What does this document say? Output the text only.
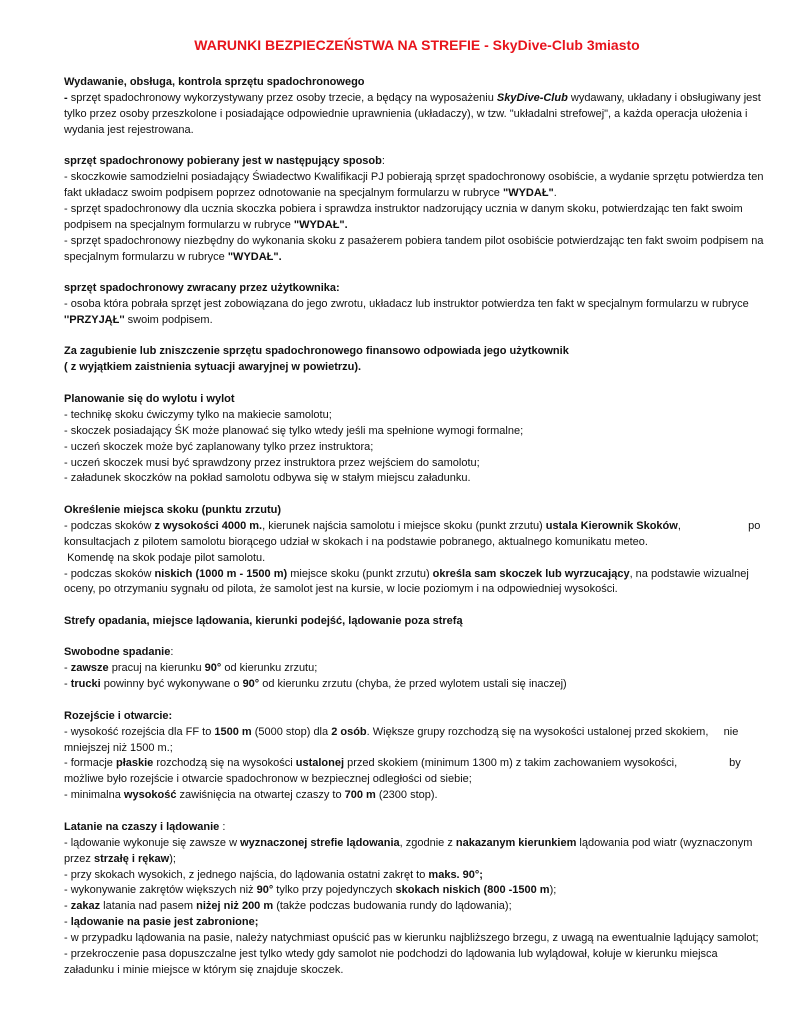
WARUNKI BEZPIECZEŃSTWA NA STREFIE - SkyDive-Club 3miasto
Wydawanie, obsługa, kontrola sprzętu spadochronowego
- sprzęt spadochronowy wykorzystywany przez osoby trzecie, a będący na wyposażeniu SkyDive-Club wydawany, układany i obsługiwany jest tylko przez osoby przeszkolone i posiadające odpowiednie uprawnienia (układaczy), w tzw. "układalni strefowej", a każda operacja ułożenia i wydania jest rejestrowana.
sprzęt spadochronowy pobierany jest w następujący sposob:
- skoczkowie samodzielni posiadający Świadectwo Kwalifikacji PJ pobierają sprzęt spadochronowy osobiście, a wydanie sprzętu potwierdza ten fakt układacz swoim podpisem poprzez odnotowanie na specjalnym formularzu w rubryce "WYDAŁ".
- sprzęt spadochronowy dla ucznia skoczka pobiera i sprawdza instruktor nadzorujący ucznia w danym skoku, potwierdzając ten fakt swoim podpisem na specjalnym formularzu w rubryce "WYDAŁ".
- sprzęt spadochronowy niezbędny do wykonania skoku z pasażerem pobiera tandem pilot osobiście potwierdzając ten fakt swoim podpisem na specjalnym formularzu w rubryce "WYDAŁ".
sprzęt spadochronowy zwracany przez użytkownika:
- osoba która pobrała sprzęt jest zobowiązana do jego zwrotu, układacz lub instruktor potwierdza ten fakt w specjalnym formularzu w rubryce ''PRZYJĄŁ'' swoim podpisem.
Za zagubienie lub zniszczenie sprzętu spadochronowego finansowo odpowiada jego użytkownik
( z wyjątkiem zaistnienia sytuacji awaryjnej w powietrzu).
Planowanie się do wylotu i wylot
- technikę skoku ćwiczymy tylko na makiecie samolotu;
- skoczek posiadający ŚK może planować się tylko wtedy jeśli ma spełnione wymogi formalne;
- uczeń skoczek może być zaplanowany tylko przez instruktora;
- uczeń skoczek musi być sprawdzony przez instruktora przez wejściem do samolotu;
- załadunek skoczków na pokład samolotu odbywa się w stałym miejscu załadunku.
Określenie miejsca skoku (punktu zrzutu)
- podczas skoków z wysokości 4000 m., kierunek najścia samolotu i miejsce skoku (punkt zrzutu) ustala Kierownik Skoków,                      po konsultacjach z pilotem samolotu biorącego udział w skokach i na podstawie pobranego, aktualnego komunikatu meteo.
Komendę na skok podaje pilot samolotu.
- podczas skoków niskich (1000 m - 1500 m) miejsce skoku (punkt zrzutu) określa sam skoczek lub wyrzucający, na podstawie wizualnej oceny, po otrzymaniu sygnału od pilota, że samolot jest na kursie, w locie poziomym i na odpowiedniej wysokości.
Strefy opadania, miejsce lądowania, kierunki podejść, lądowanie poza strefą
Swobodne spadanie:
- zawsze pracuj na kierunku 90° od kierunku zrzutu;
- trucki powinny być wykonywane o 90° od kierunku zrzutu (chyba, że przed wylotem ustali się inaczej)
Rozejście i otwarcie:
- wysokość rozejścia dla FF to 1500 m (5000 stop) dla 2 osób. Większe grupy rozchodzą się na wysokości ustalonej przed skokiem,     nie mniejszej niż 1500 m.;
- formacje płaskie rozchodzą się na wysokości ustalonej przed skokiem (minimum 1300 m) z takim zachowaniem wysokości,                 by możliwe było rozejście i otwarcie spadochronow w bezpiecznej odległości od siebie;
- minimalna wysokość zawiśnięcia na otwartej czaszy to 700 m (2300 stop).
Latanie na czaszy i lądowanie :
- lądowanie wykonuje się zawsze w wyznaczonej strefie lądowania, zgodnie z nakazanym kierunkiem lądowania pod wiatr (wyznaczonym przez strzałę i rękaw);
- przy skokach wysokich, z jednego najścia, do lądowania ostatni zakręt to maks. 90°;
- wykonywanie zakrętów większych niż 90° tylko przy pojedynczych skokach niskich (800 -1500 m);
- zakaz latania nad pasem niżej niż 200 m (także podczas budowania rundy do lądowania);
- lądowanie na pasie jest zabronione;
- w przypadku lądowania na pasie, należy natychmiast opuścić pas w kierunku najbliższego brzegu, z uwagą na ewentualnie lądujący samolot;
- przekroczenie pasa dopuszczalne jest tylko wtedy gdy samolot nie podchodzi do lądowania lub wylądował, kołuje w kierunku miejsca załadunku i minie miejsce w którym się znajduje skoczek.
